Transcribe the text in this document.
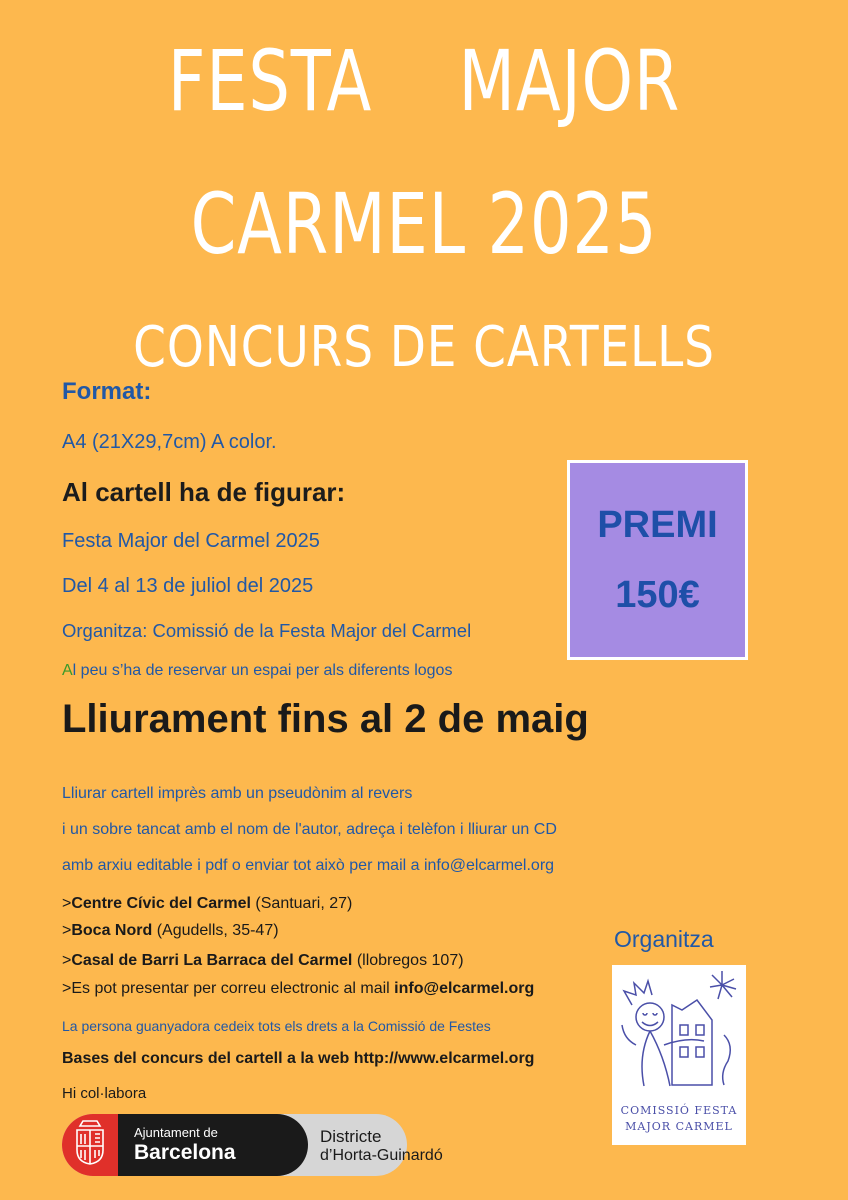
FESTA    MAJOR
CARMEL 2025
CONCURS DE CARTELLS
Format:
A4 (21X29,7cm) A color.
Al cartell ha de figurar:
Festa Major del Carmel 2025
Del 4 al 13 de juliol del 2025
Organitza: Comissió de la Festa Major del Carmel
Al peu s’ha de reservar un espai per als diferents logos
PREMI
150€
Lliurament fins al 2 de maig
Lliurar cartell imprès amb un pseudònim al revers
i un sobre tancat amb el nom de l'autor, adreça i telèfon i lliurar un CD
amb arxiu editable i pdf o enviar tot això per mail a info@elcarmel.org
>Centre Cívic del Carmel (Santuari, 27)
>Boca Nord (Agudells, 35-47)
>Casal de Barri La Barraca del Carmel (llobregos 107)
>Es pot presentar per correu electronic al mail info@elcarmel.org
La persona guanyadora cedeix tots els drets a la Comissió de Festes
Bases del concurs del cartell a la web http://www.elcarmel.org
Hi col·labora
Organitza
COMISSIÓ FESTA
MAJOR CARMEL
Ajuntament de
Barcelona
Districte
d’Horta-Guinardó
